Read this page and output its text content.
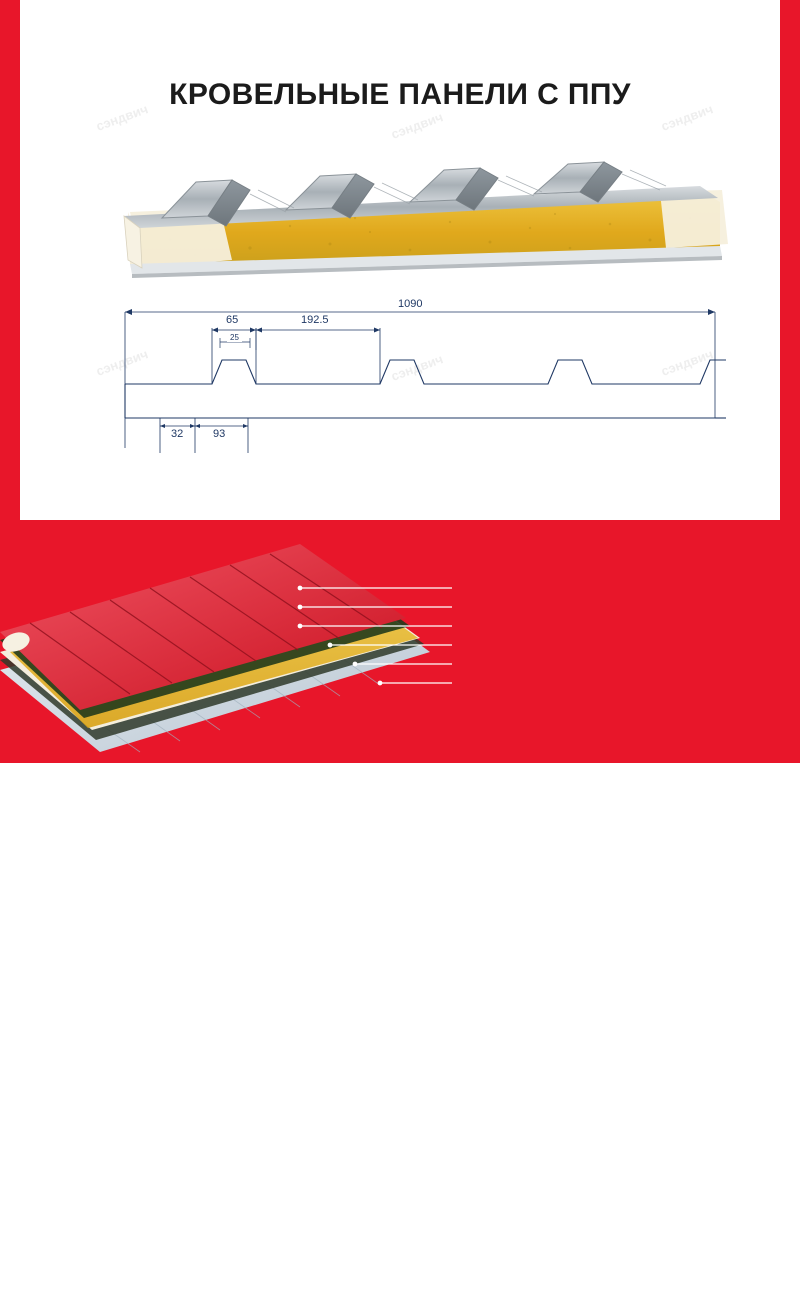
сэндвич	сэндвич	сэндвич
сэндвич	сэндвич	сэндвич
КРОВЕЛЬНЫЕ ПАНЕЛИ С ППУ
1090
65	192.5
25
32	93
1
2
3
4
5
6
Состав
1. Верхняя облицовка
(оцинкованная полимерная сталь)
2. Двухкомпонентный клей
3. Конструкционные ламели каменной ваты
4. Двухкомпонентный пенополиуретан
5. Двухкомпонентный клей
6. Нижняя облицовка
(оцинкованная полимерная сталь)
